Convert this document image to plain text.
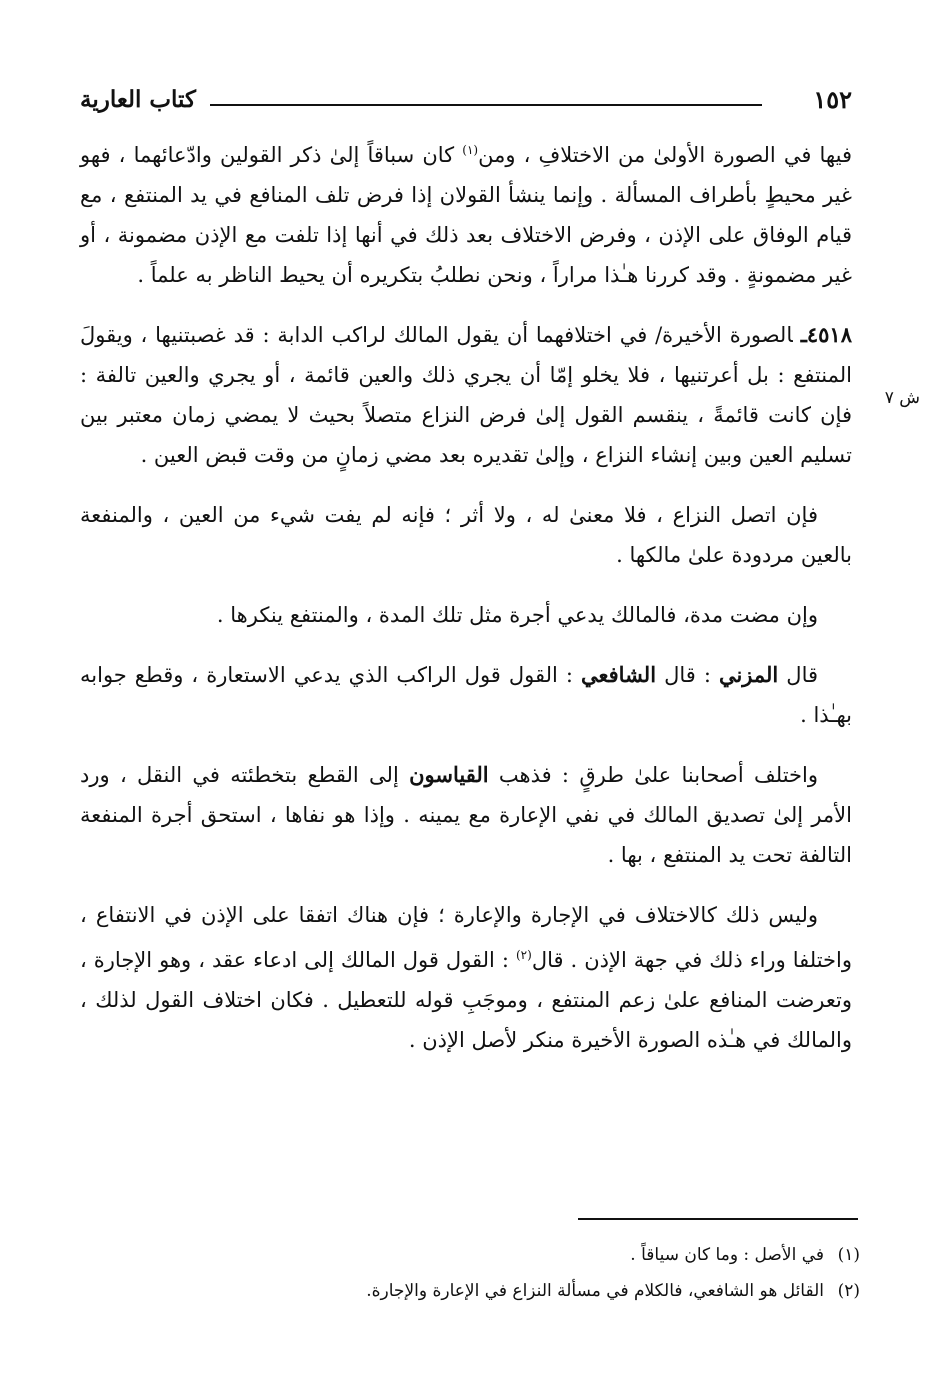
١٥٢
كتاب العارية
ش ٧

فيها في الصورة الأولىٰ من الاختلافِ ، ومن$^{(١)}$ كان سباقاً إلىٰ ذكر القولين وادّعائهما ، فهو غير محيطٍ بأطراف المسألة . وإنما ينشأ القولان إذا فرض تلف المنافع في يد المنتفع ، مع قيام الوفاق على الإذن ، وفرض الاختلاف بعد ذلك في أنها إذا تلفت مع الإذن مضمونة ، أو غير مضمونةٍ . وقد كررنا هـٰذا مراراً ، ونحن نطلبُ بتكريره أن يحيط الناظر به علماً .

٤٥١٨ـالصورة الأخيرة/ في اختلافهما أن يقول المالك لراكب الدابة : قد غصبتنيها ، ويقولَ المنتفع : بل أعرتنيها ، فلا يخلو إمّا أن يجري ذلك والعين قائمة ، أو يجري والعين تالفة : فإن كانت قائمةً ، ينقسم القول إلىٰ فرض النزاع متصلاً بحيث لا يمضي زمان معتبر بين تسليم العين وبين إنشاء النزاع ، وإلىٰ تقديره بعد مضي زمانٍ من وقت قبض العين .

فإن اتصل النزاع ، فلا معنىٰ له ، ولا أثر ؛ فإنه لم يفت شيء من العين ، والمنفعة بالعين مردودة علىٰ مالكها .

وإن مضت مدة، فالمالك يدعي أجرة مثل تلك المدة ، والمنتفع ينكرها .

قال المزني : قال الشافعي : القول قول الراكب الذي يدعي الاستعارة ، وقطع جوابه بهـٰذا .

واختلف أصحابنا علىٰ طرقٍ : فذهب القياسون إلى القطع بتخطئته في النقل ، ورد الأمر إلىٰ تصديق المالك في نفي الإعارة مع يمينه . وإذا هو نفاها ، استحق أجرة المنفعة التالفة تحت يد المنتفع ، بها .

وليس ذلك كالاختلاف في الإجارة والإعارة ؛ فإن هناك اتفقا على الإذن في الانتفاع ، واختلفا وراء ذلك في جهة الإذن . قال$^{(٢)}$ : القول قول المالك إلى ادعاء عقد ، وهو الإجارة ، وتعرضت المنافع علىٰ زعم المنتفع ، وموجَبِ قوله للتعطيل . فكان اختلاف القول لذلك ، والمالك في هـٰذه الصورة الأخيرة منكر لأصل الإذن .

(١)في الأصل : وما كان سياقاً .

(٢)القائل هو الشافعي، فالكلام في مسألة النزاع في الإعارة والإجارة.
